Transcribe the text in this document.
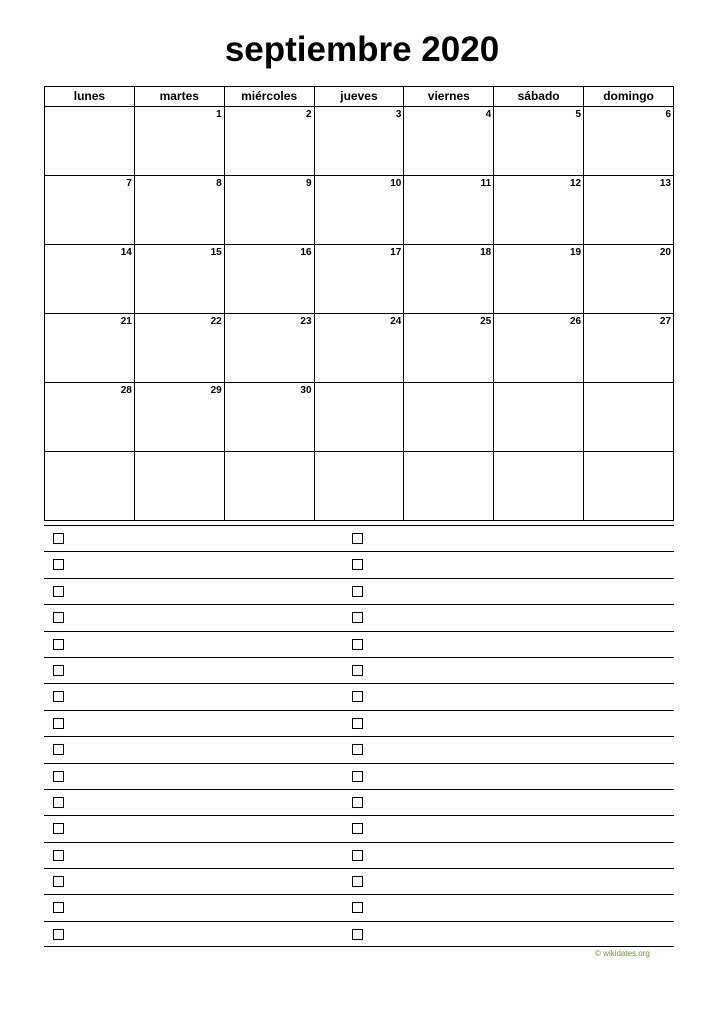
septiembre 2020
lunes	martes	miércoles	jueves	viernes	sábado	domingo
	1	2	3	4	5	6
7	8	9	10	11	12	13
14	15	16	17	18	19	20
21	22	23	24	25	26	27
28	29	30				

© wikidates.org
